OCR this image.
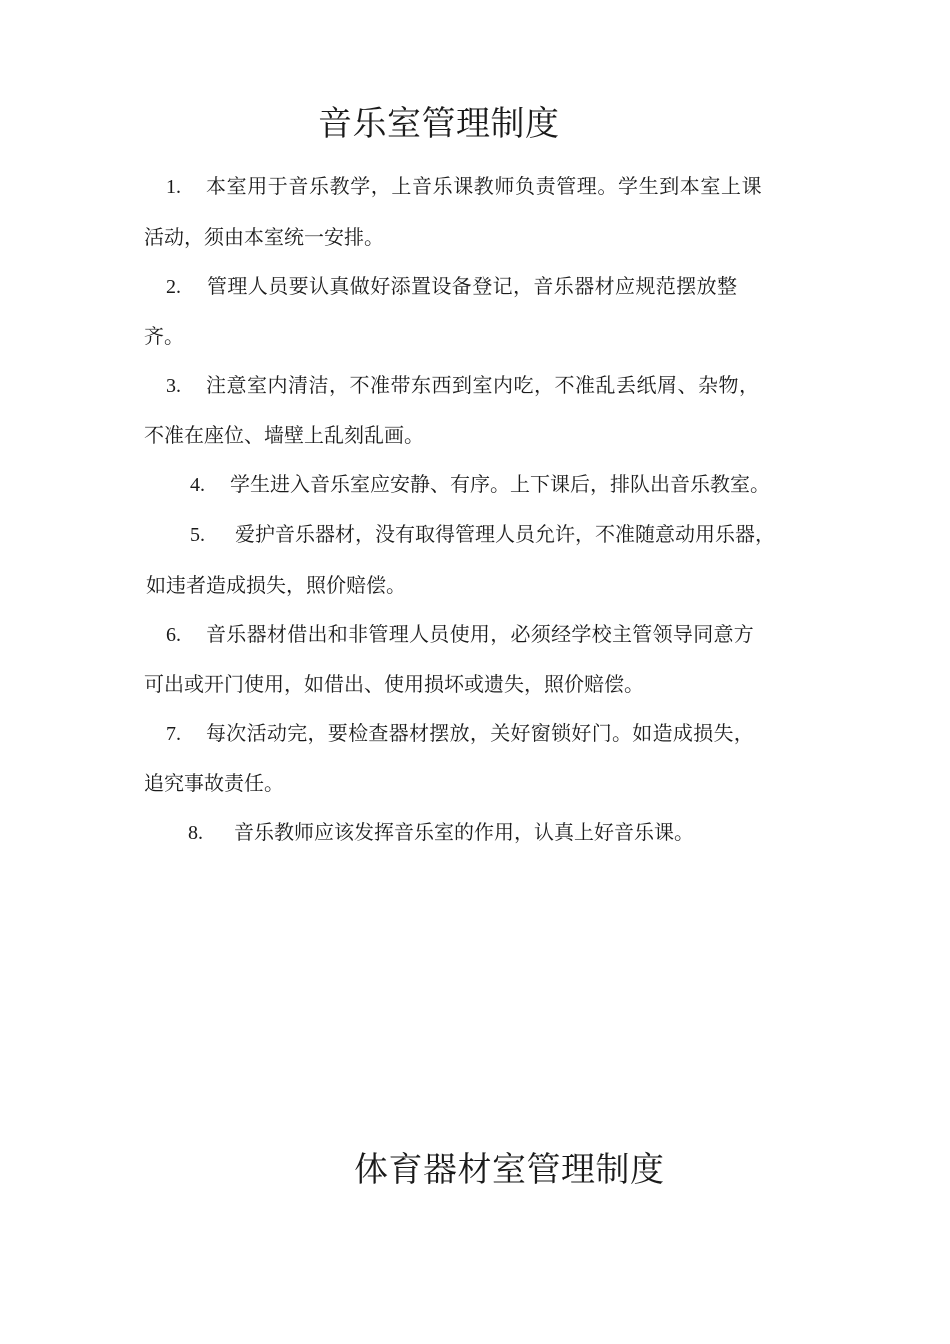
音乐室管理制度

1. 本室用于音乐教学，上音乐课教师负责管理。学生到本室上课

活动，须由本室统一安排。

2. 管理人员要认真做好添置设备登记，音乐器材应规范摆放整

齐。

3. 注意室内清洁，不准带东西到室内吃，不准乱丢纸屑、杂物，

不准在座位、墙壁上乱刻乱画。

4. 学生进入音乐室应安静、有序。上下课后，排队出音乐教室。

5. 爱护音乐器材，没有取得管理人员允许，不准随意动用乐器，

如违者造成损失，照价赔偿。

6. 音乐器材借出和非管理人员使用，必须经学校主管领导同意方

可出或开门使用，如借出、使用损坏或遗失，照价赔偿。

7. 每次活动完，要检查器材摆放，关好窗锁好门。如造成损失，

追究事故责任。

8. 音乐教师应该发挥音乐室的作用，认真上好音乐课。

体育器材室管理制度
